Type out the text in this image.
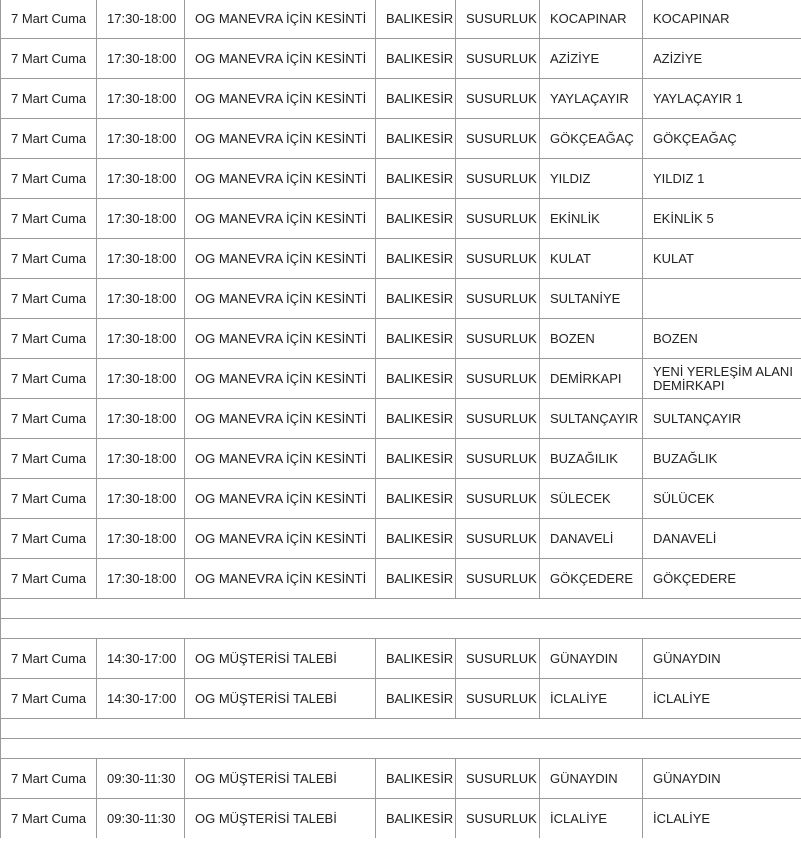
7 Mart Cuma	17:30-18:00	OG MANEVRA İÇİN KESİNTİ	BALIKESİR	SUSURLUK	KOCAPINAR	KOCAPINAR
7 Mart Cuma	17:30-18:00	OG MANEVRA İÇİN KESİNTİ	BALIKESİR	SUSURLUK	AZİZİYE	AZİZİYE
7 Mart Cuma	17:30-18:00	OG MANEVRA İÇİN KESİNTİ	BALIKESİR	SUSURLUK	YAYLAÇAYIR	YAYLAÇAYIR 1
7 Mart Cuma	17:30-18:00	OG MANEVRA İÇİN KESİNTİ	BALIKESİR	SUSURLUK	GÖKÇEAĞAÇ	GÖKÇEAĞAÇ
7 Mart Cuma	17:30-18:00	OG MANEVRA İÇİN KESİNTİ	BALIKESİR	SUSURLUK	YILDIZ	YILDIZ 1
7 Mart Cuma	17:30-18:00	OG MANEVRA İÇİN KESİNTİ	BALIKESİR	SUSURLUK	EKİNLİK	EKİNLİK 5
7 Mart Cuma	17:30-18:00	OG MANEVRA İÇİN KESİNTİ	BALIKESİR	SUSURLUK	KULAT	KULAT
7 Mart Cuma	17:30-18:00	OG MANEVRA İÇİN KESİNTİ	BALIKESİR	SUSURLUK	SULTANİYE	
7 Mart Cuma	17:30-18:00	OG MANEVRA İÇİN KESİNTİ	BALIKESİR	SUSURLUK	BOZEN	BOZEN
7 Mart Cuma	17:30-18:00	OG MANEVRA İÇİN KESİNTİ	BALIKESİR	SUSURLUK	DEMİRKAPI	YENİ YERLEŞİM ALANI DEMİRKAPI
7 Mart Cuma	17:30-18:00	OG MANEVRA İÇİN KESİNTİ	BALIKESİR	SUSURLUK	SULTANÇAYIR	SULTANÇAYIR
7 Mart Cuma	17:30-18:00	OG MANEVRA İÇİN KESİNTİ	BALIKESİR	SUSURLUK	BUZAĞILIK	BUZAĞLIK
7 Mart Cuma	17:30-18:00	OG MANEVRA İÇİN KESİNTİ	BALIKESİR	SUSURLUK	SÜLECEK	SÜLÜCEK
7 Mart Cuma	17:30-18:00	OG MANEVRA İÇİN KESİNTİ	BALIKESİR	SUSURLUK	DANAVELİ	DANAVELİ
7 Mart Cuma	17:30-18:00	OG MANEVRA İÇİN KESİNTİ	BALIKESİR	SUSURLUK	GÖKÇEDERE	GÖKÇEDERE

7 Mart Cuma	14:30-17:00	OG MÜŞTERİSİ TALEBİ	BALIKESİR	SUSURLUK	GÜNAYDIN	GÜNAYDIN
7 Mart Cuma	14:30-17:00	OG MÜŞTERİSİ TALEBİ	BALIKESİR	SUSURLUK	İCLALİYE	İCLALİYE

7 Mart Cuma	09:30-11:30	OG MÜŞTERİSİ TALEBİ	BALIKESİR	SUSURLUK	GÜNAYDIN	GÜNAYDIN
7 Mart Cuma	09:30-11:30	OG MÜŞTERİSİ TALEBİ	BALIKESİR	SUSURLUK	İCLALİYE	İCLALİYE
